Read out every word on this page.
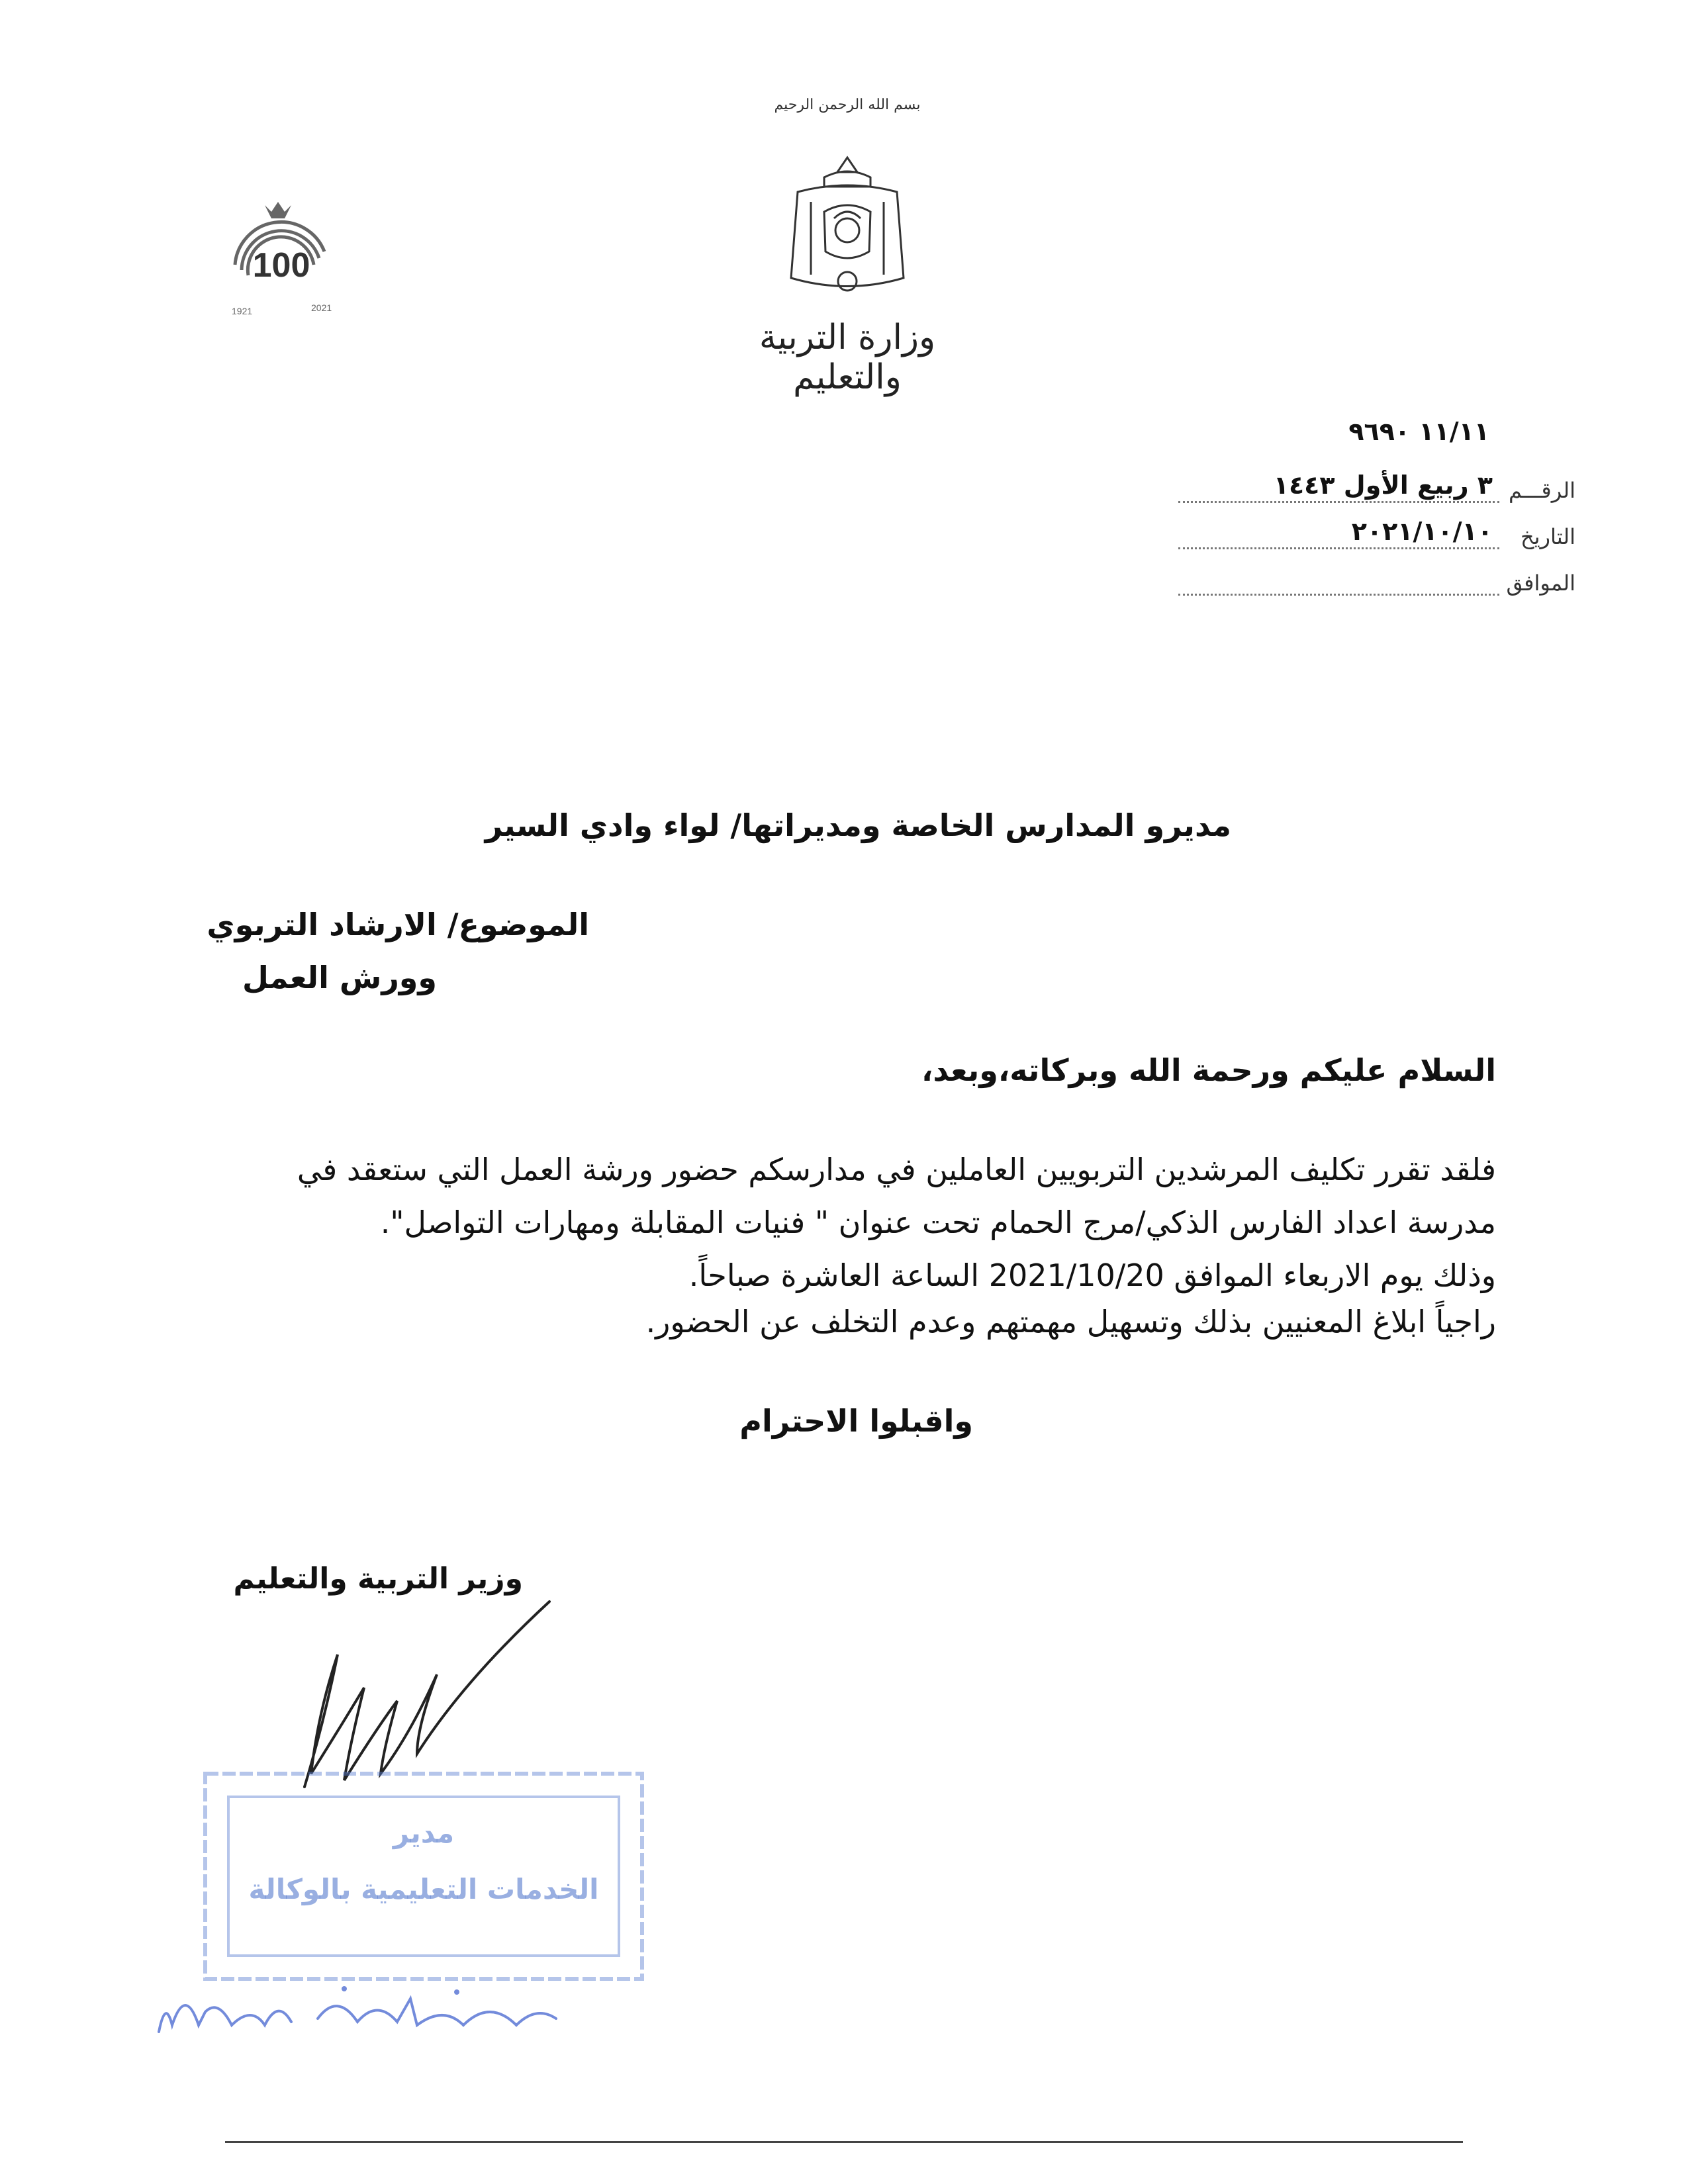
بسم الله الرحمن الرحيم
وزارة التربية والتعليم
100
1921	2021
١١/١١ ٩٦٩٠
الرقـــم
٣ ربيع الأول ١٤٤٣
التاريخ
٢٠٢١/١٠/١٠
الموافق
مديرو المدارس الخاصة ومديراتها/ لواء وادي السير
الموضوع/ الارشاد التربوي
وورش العمل
السلام عليكم ورحمة الله وبركاته،وبعد،
فلقد تقرر تكليف المرشدين التربويين العاملين في مدارسكم حضور ورشة العمل التي ستعقد في
مدرسة اعداد الفارس الذكي/مرج الحمام تحت عنوان " فنيات المقابلة ومهارات التواصل".
وذلك يوم الاربعاء الموافق 2021/10/20 الساعة العاشرة صباحاً.
راجياً ابلاغ المعنيين بذلك وتسهيل مهمتهم وعدم التخلف عن الحضور.
واقبلوا الاحترام
وزير التربية والتعليم
مدير
الخدمات التعليمية بالوكالة
